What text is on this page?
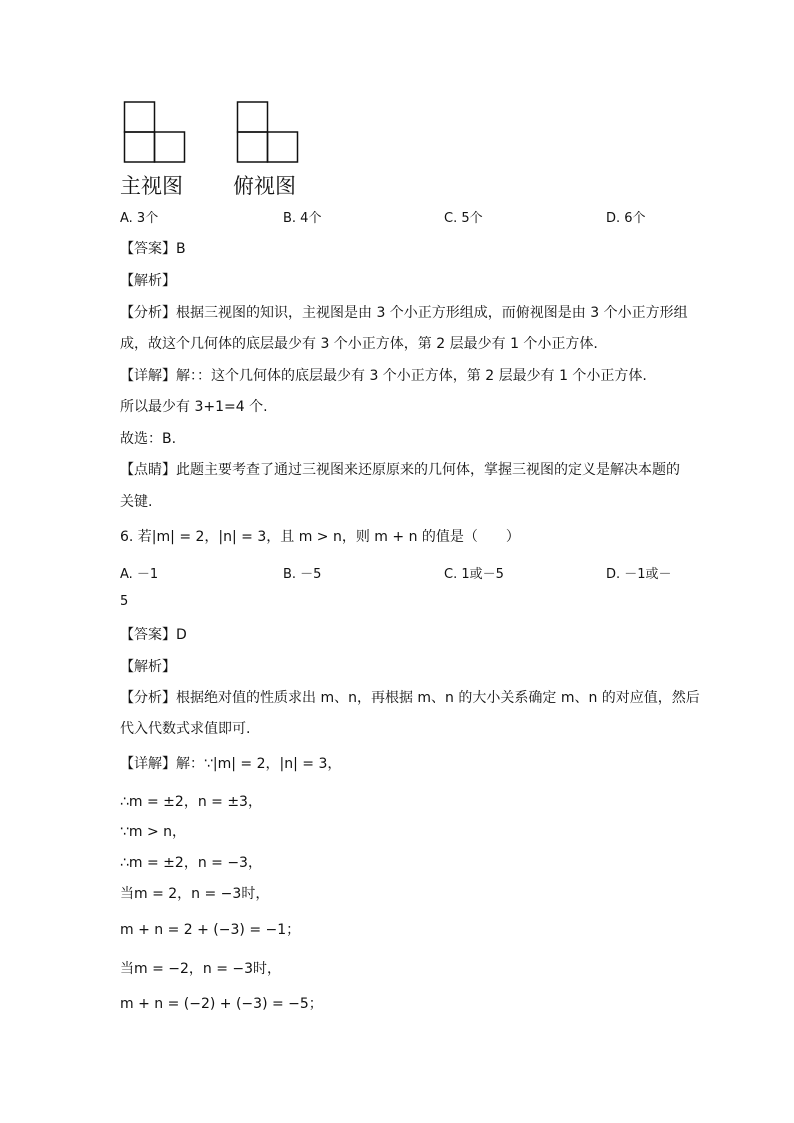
主视图 俯视图
A. 3个	B. 4个	C. 5个	D. 6个
【答案】B
【解析】
【分析】根据三视图的知识，主视图是由 3 个小正方形组成，而俯视图是由 3 个小正方形组
成，故这个几何体的底层最少有 3 个小正方体，第 2 层最少有 1 个小正方体.
【详解】解：：这个几何体的底层最少有 3 个小正方体，第 2 层最少有 1 个小正方体.
所以最少有 3+1=4 个.
故选：B.
【点睛】此题主要考查了通过三视图来还原原来的几何体，掌握三视图的定义是解决本题的
关键.
6. 若|m| = 2，|n| = 3，且 m > n，则 m + n 的值是（　　）
A. －1	B. －5	C. 1或－5	D. －1或－
5
【答案】D
【解析】
【分析】根据绝对值的性质求出 m、n，再根据 m、n 的大小关系确定 m、n 的对应值，然后
代入代数式求值即可.
【详解】解：∵|m| = 2，|n| = 3，
∴m = ±2，n = ±3，
∵m > n，
∴m = ±2，n = −3，
当m = 2，n = −3时，
m + n = 2 + (−3) = −1；
当m = −2，n = −3时，
m + n = (−2) + (−3) = −5；
